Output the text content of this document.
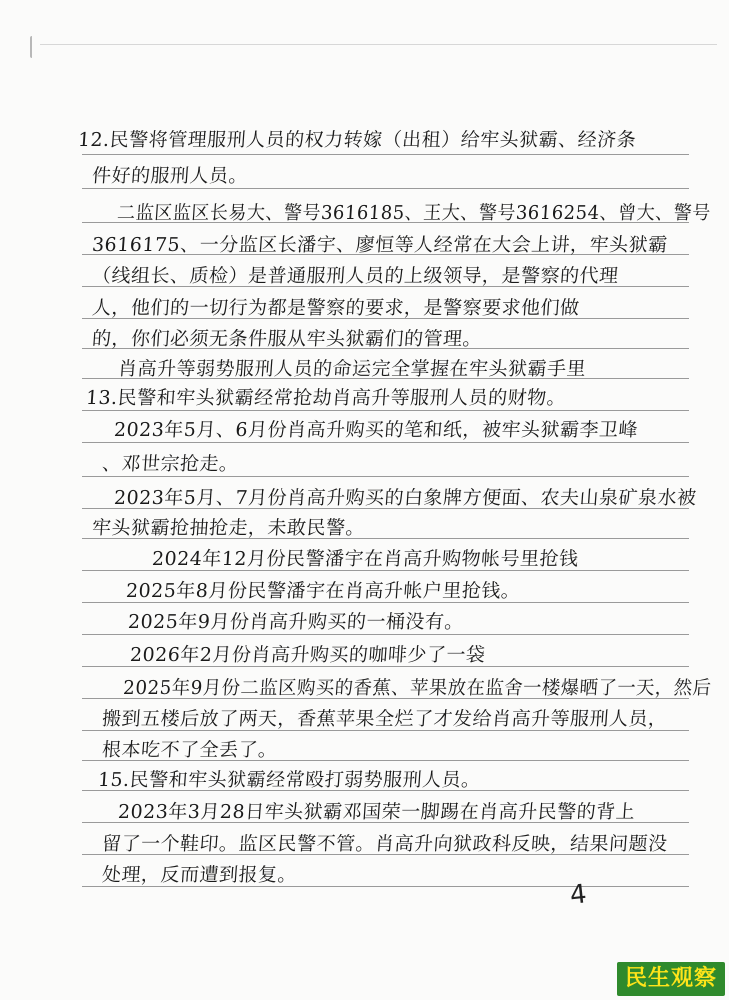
12.民警将管理服刑人员的权力转嫁（出租）给牢头狱霸、经济条
件好的服刑人员。
二监区监区长易大、警号3616185、王大、警号3616254、曾大、警号
3616175、一分监区长潘宇、廖恒等人经常在大会上讲，牢头狱霸
（线组长、质检）是普通服刑人员的上级领导，是警察的代理
人，他们的一切行为都是警察的要求，是警察要求他们做
的，你们必须无条件服从牢头狱霸们的管理。
肖高升等弱势服刑人员的命运完全掌握在牢头狱霸手里
13.民警和牢头狱霸经常抢劫肖高升等服刑人员的财物。
2023年5月、6月份肖高升购买的笔和纸，被牢头狱霸李卫峰
、邓世宗抢走。
2023年5月、7月份肖高升购买的白象牌方便面、农夫山泉矿泉水被
牢头狱霸抢抽抢走，未敢民警。
2024年12月份民警潘宇在肖高升购物帐号里抢钱
2025年8月份民警潘宇在肖高升帐户里抢钱。
2025年9月份肖高升购买的一桶没有。
2026年2月份肖高升购买的咖啡少了一袋
2025年9月份二监区购买的香蕉、苹果放在监舍一楼爆晒了一天，然后
搬到五楼后放了两天，香蕉苹果全烂了才发给肖高升等服刑人员，
根本吃不了全丢了。
15.民警和牢头狱霸经常殴打弱势服刑人员。
2023年3月28日牢头狱霸邓国荣一脚踢在肖高升民警的背上
留了一个鞋印。监区民警不管。肖高升向狱政科反映，结果问题没
处理，反而遭到报复。
4
民生观察
